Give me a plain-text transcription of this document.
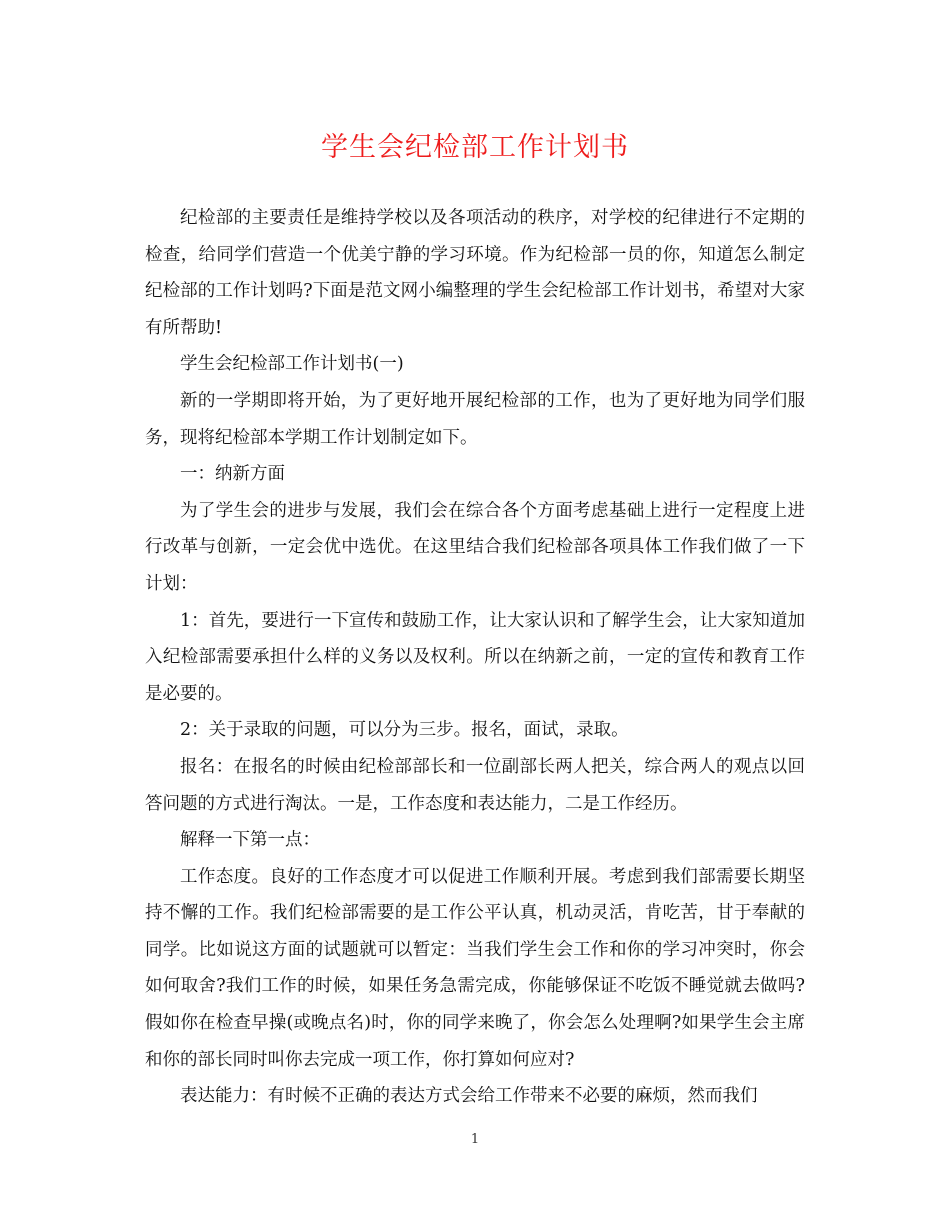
学生会纪检部工作计划书

纪检部的主要责任是维持学校以及各项活动的秩序，对学校的纪律进行不定期的检查，给同学们营造一个优美宁静的学习环境。作为纪检部一员的你，知道怎么制定纪检部的工作计划吗?下面是范文网小编整理的学生会纪检部工作计划书，希望对大家有所帮助!

学生会纪检部工作计划书(一)

新的一学期即将开始，为了更好地开展纪检部的工作，也为了更好地为同学们服务，现将纪检部本学期工作计划制定如下。

一：纳新方面

为了学生会的进步与发展，我们会在综合各个方面考虑基础上进行一定程度上进行改革与创新，一定会优中选优。在这里结合我们纪检部各项具体工作我们做了一下计划：

1：首先，要进行一下宣传和鼓励工作，让大家认识和了解学生会，让大家知道加入纪检部需要承担什么样的义务以及权利。所以在纳新之前，一定的宣传和教育工作是必要的。

2：关于录取的问题，可以分为三步。报名，面试，录取。

报名：在报名的时候由纪检部部长和一位副部长两人把关，综合两人的观点以回答问题的方式进行淘汰。一是，工作态度和表达能力，二是工作经历。

解释一下第一点：

工作态度。良好的工作态度才可以促进工作顺利开展。考虑到我们部需要长期坚持不懈的工作。我们纪检部需要的是工作公平认真，机动灵活，肯吃苦，甘于奉献的同学。比如说这方面的试题就可以暂定：当我们学生会工作和你的学习冲突时，你会如何取舍?我们工作的时候，如果任务急需完成，你能够保证不吃饭不睡觉就去做吗?假如你在检查早操(或晚点名)时，你的同学来晚了，你会怎么处理啊?如果学生会主席和你的部长同时叫你去完成一项工作，你打算如何应对?

表达能力：有时候不正确的表达方式会给工作带来不必要的麻烦，然而我们

1
